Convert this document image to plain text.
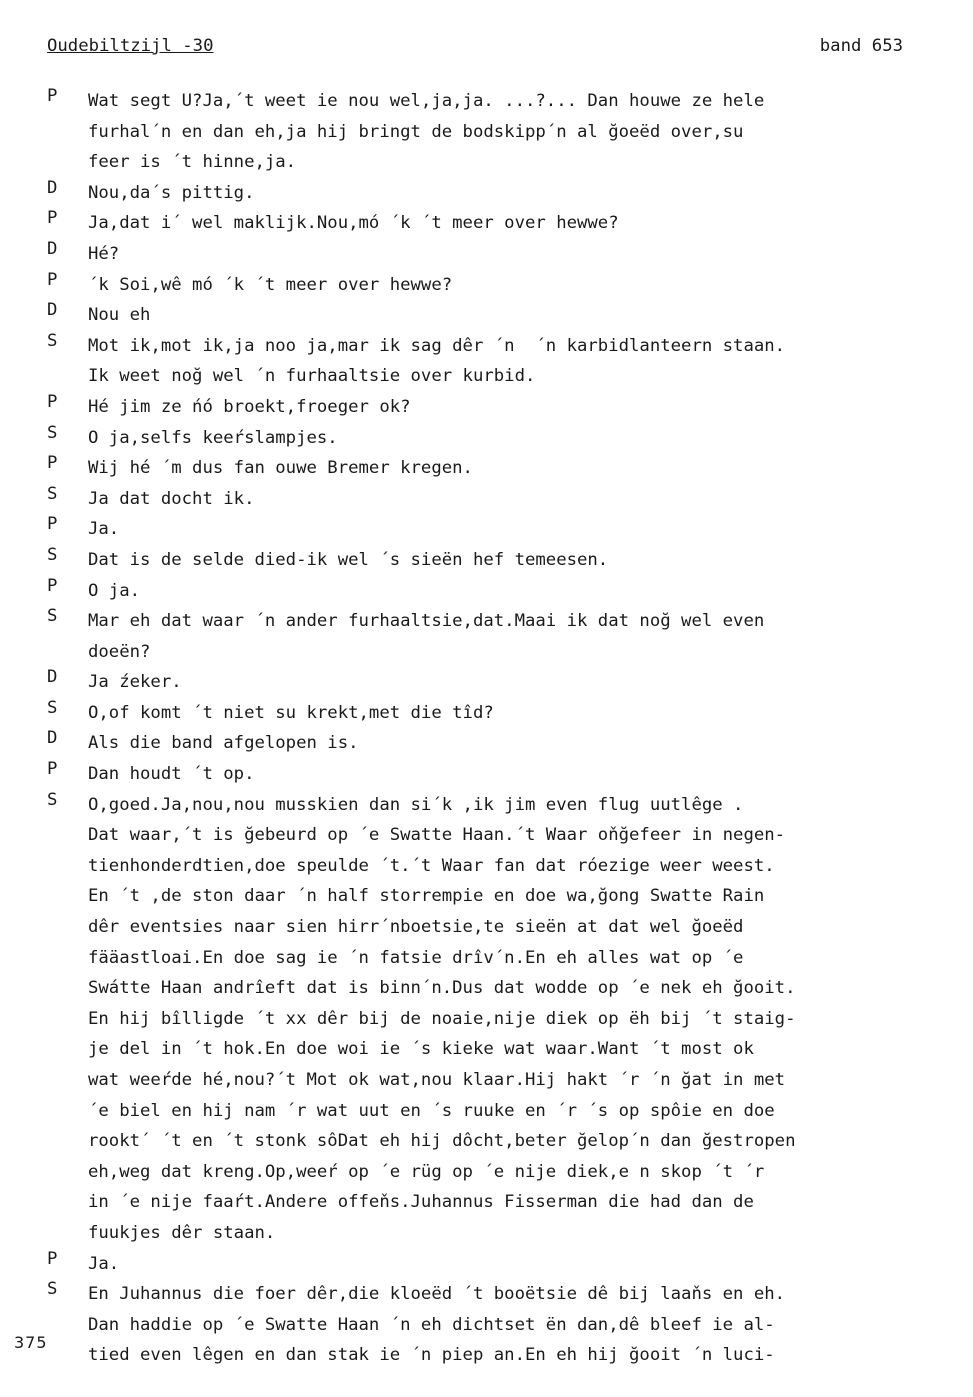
Oudebiltzijl -30	band 653
P	Wat segt U?Ja,´t weet ie nou wel,ja,ja. ...?... Dan houwe ze hele
furhal´n en dan eh,ja hij bringt de bodskipp´n al ğoeëd over,su
feer is ´t hinne,ja.
D	Nou,da´s pittig.
P	Ja,dat i´ wel maklijk.Nou,mó ´k ´t meer over hewwe?
D	Hé?
P	´k Soi,wê mó ´k ´t meer over hewwe?
D	Nou eh
S	Mot ik,mot ik,ja noo ja,mar ik sag dêr ´n  ´n karbidlanteern staan.
Ik weet noğ wel ´n furhaaltsie over kurbid.
P	Hé jim ze ńó broekt,froeger ok?
S	O ja,selfs keeŕslampjes.
P	Wij hé ´m dus fan ouwe Bremer kregen.
S	Ja dat docht ik.
P	Ja.
S	Dat is de selde died-ik wel ´s sieën hef temeesen.
P	O ja.
S	Mar eh dat waar ´n ander furhaaltsie,dat.Maai ik dat noğ wel even
doeën?
D	Ja źeker.
S	O,of komt ´t niet su krekt,met die tîd?
D	Als die band afgelopen is.
P	Dan houdt ´t op.
S	O,goed.Ja,nou,nou musskien dan si´k ,ik jim even flug uutlêge .
Dat waar,´t is ğebeurd op ´e Swatte Haan.´t Waar oňğefeer in negen-
tienhonderdtien,doe speulde ´t.´t Waar fan dat róezige weer weest.
En ´t ,de ston daar ´n half storrempie en doe wa,ğong Swatte Rain
dêr eventsies naar sien hirr´nboetsie,te sieën at dat wel ğoeëd
fääastloai.En doe sag ie ´n fatsie drîv´n.En eh alles wat op ´e
Swátte Haan andrîeft dat is binn´n.Dus dat wodde op ´e nek eh ğooit.
En hij bîlligde ´t xx dêr bij de noaie,nije diek op ëh bij ´t staig-
je del in ´t hok.En doe woi ie ´s kieke wat waar.Want ´t most ok
wat weeŕde hé,nou?´t Mot ok wat,nou klaar.Hij hakt ´r ´n ğat in met
´e biel en hij nam ´r wat uut en ´s ruuke en ´r ´s op spôie en doe
rookt´ ´t en ´t stonk sôDat eh hij dôcht,beter ğelop´n dan ğestropen
eh,weg dat kreng.Op,weeŕ op ´e rüg op ´e nije diek,e n skop ´t ´r
in ´e nije faaŕt.Andere offeňs.Juhannus Fisserman die had dan de
fuukjes dêr staan.
P	Ja.
S	En Juhannus die foer dêr,die kloeëd ´t booëtsie dê bij laaňs en eh.
Dan haddie op ´e Swatte Haan ´n eh dichtset ën dan,dê bleef ie al-
tied even lêgen en dan stak ie ´n piep an.En eh hij ğooit ´n luci-
375
